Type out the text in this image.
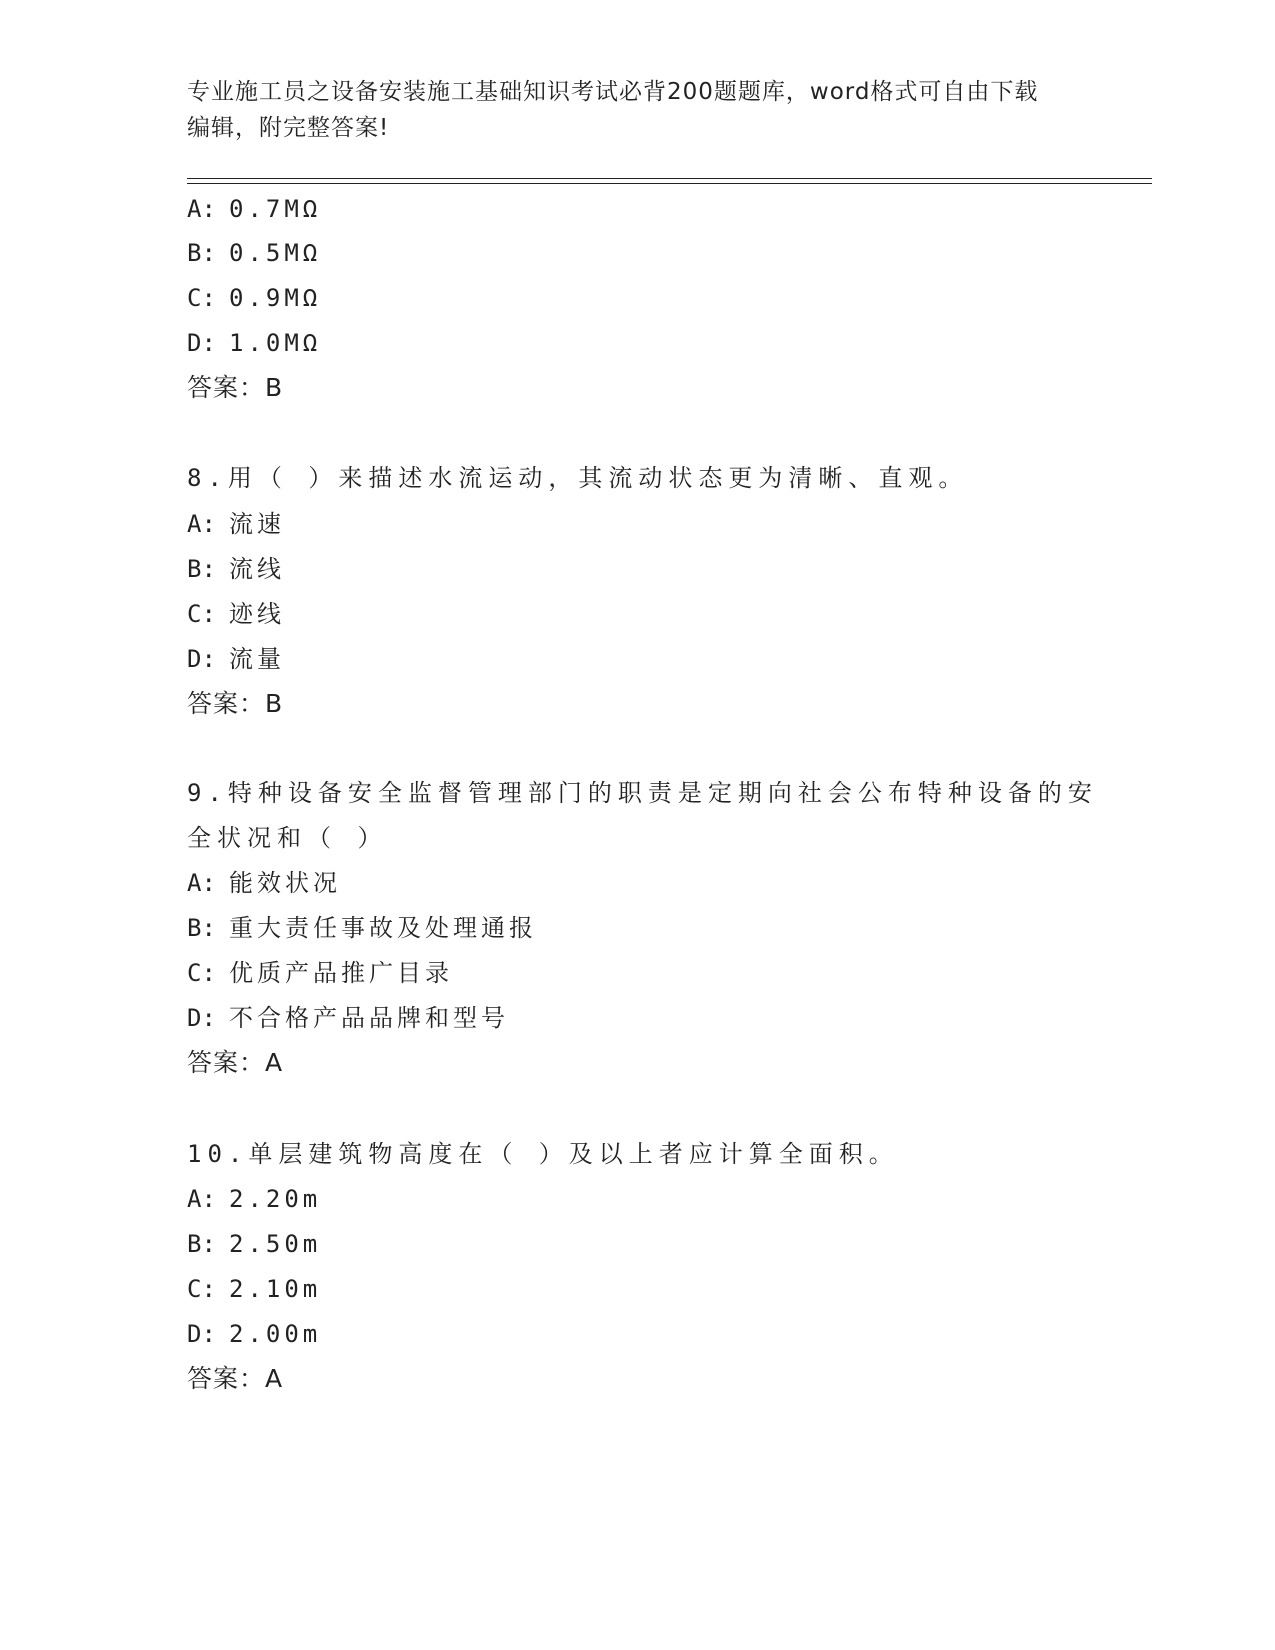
专业施工员之设备安装施工基础知识考试必背200题题库，word格式可自由下载
编辑，附完整答案!
A: 0.7MΩ
B: 0.5MΩ
C: 0.9MΩ
D: 1.0MΩ
答案：B
8.用（ ）来描述水流运动，其流动状态更为清晰、直观。
A: 流速
B: 流线
C: 迹线
D: 流量
答案：B
9.特种设备安全监督管理部门的职责是定期向社会公布特种设备的安
全状况和（ ）
A: 能效状况
B: 重大责任事故及处理通报
C: 优质产品推广目录
D: 不合格产品品牌和型号
答案：A
10.单层建筑物高度在（ ）及以上者应计算全面积。
A: 2.20m
B: 2.50m
C: 2.10m
D: 2.00m
答案：A
